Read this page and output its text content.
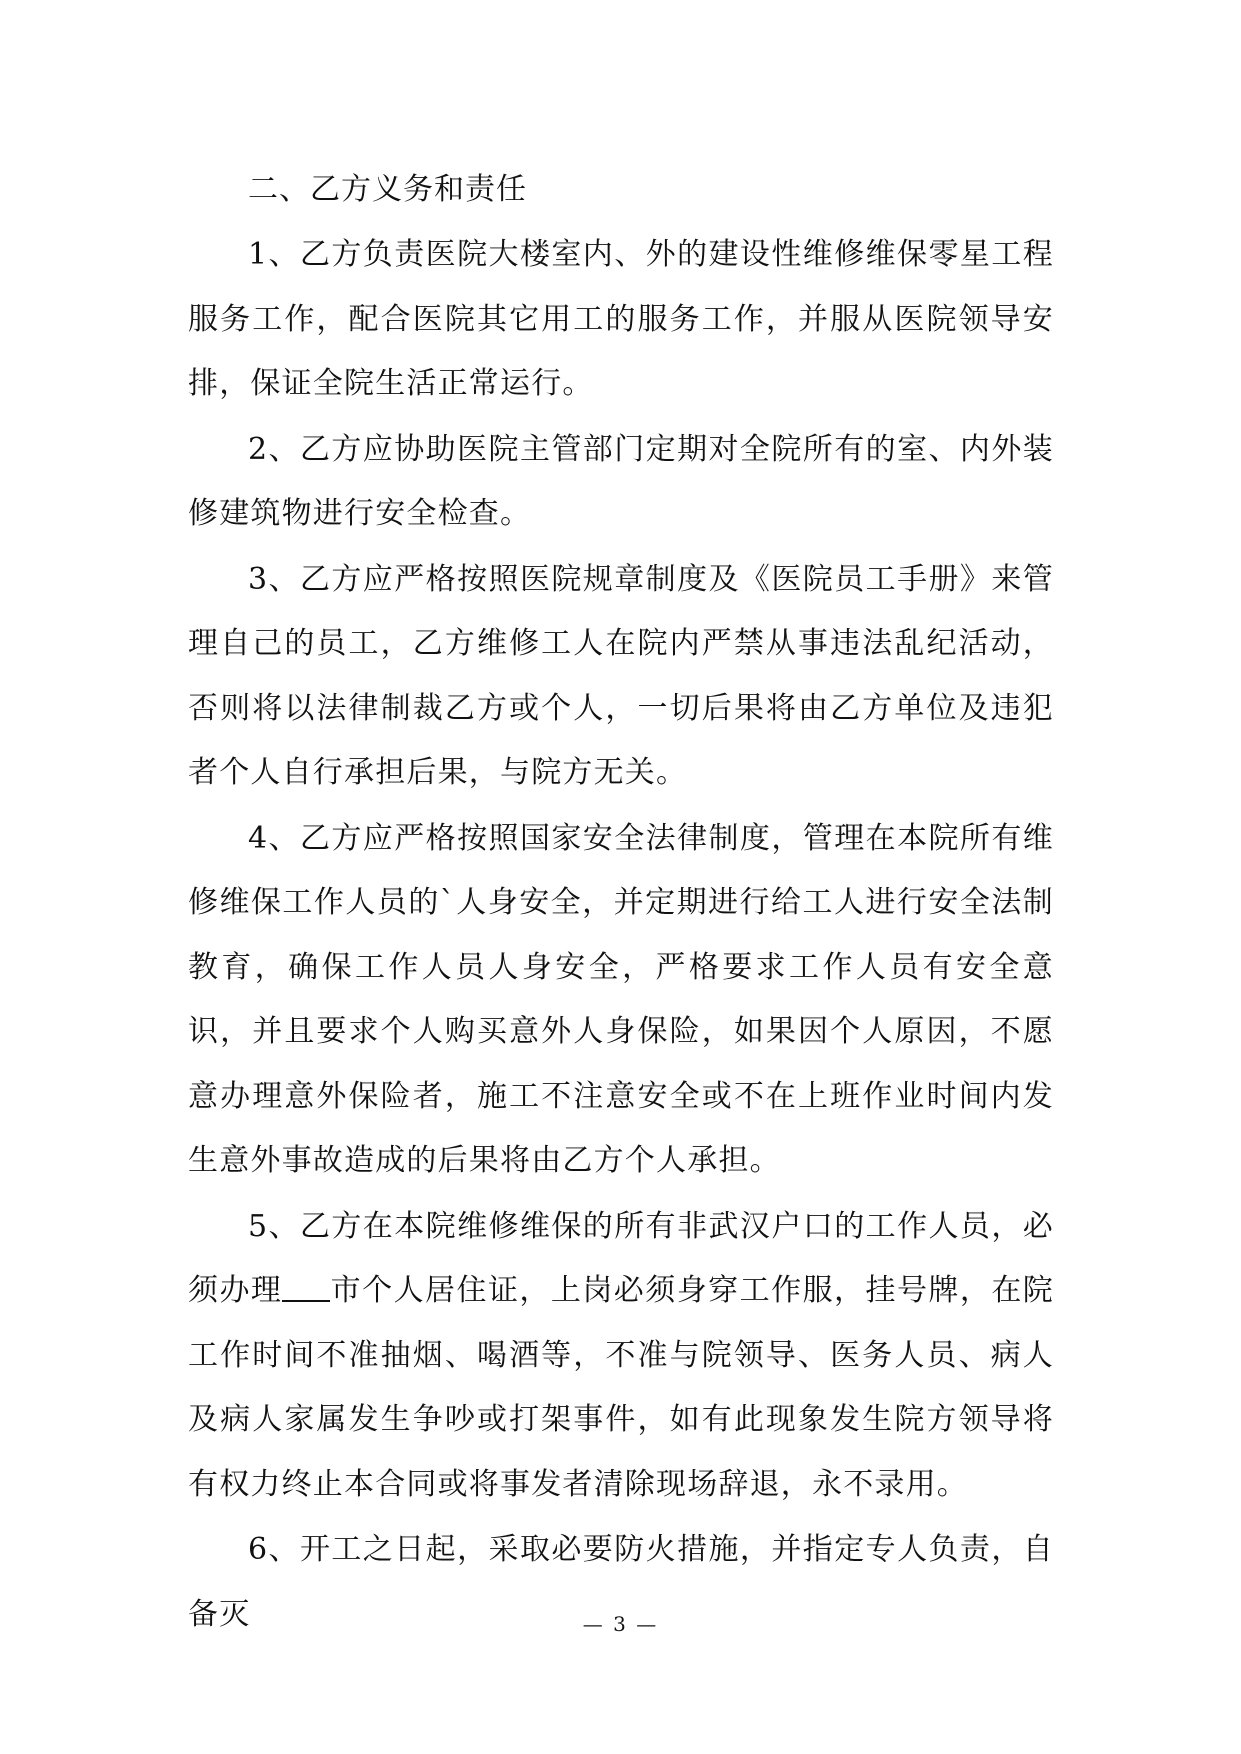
二、乙方义务和责任

1、乙方负责医院大楼室内、外的建设性维修维保零星工程服务工作，配合医院其它用工的服务工作，并服从医院领导安排，保证全院生活正常运行。

2、乙方应协助医院主管部门定期对全院所有的室、内外装修建筑物进行安全检查。

3、乙方应严格按照医院规章制度及《医院员工手册》来管理自己的员工，乙方维修工人在院内严禁从事违法乱纪活动，否则将以法律制裁乙方或个人，一切后果将由乙方单位及违犯者个人自行承担后果，与院方无关。

4、乙方应严格按照国家安全法律制度，管理在本院所有维修维保工作人员的`人身安全，并定期进行给工人进行安全法制教育，确保工作人员人身安全，严格要求工作人员有安全意识，并且要求个人购买意外人身保险，如果因个人原因，不愿意办理意外保险者，施工不注意安全或不在上班作业时间内发生意外事故造成的后果将由乙方个人承担。

5、乙方在本院维修维保的所有非武汉户口的工作人员，必须办理 市个人居住证，上岗必须身穿工作服，挂号牌，在院工作时间不准抽烟、喝酒等，不准与院领导、医务人员、病人及病人家属发生争吵或打架事件，如有此现象发生院方领导将有权力终止本合同或将事发者清除现场辞退，永不录用。

6、开工之日起，采取必要防火措施，并指定专人负责，自备灭	— 3 —
